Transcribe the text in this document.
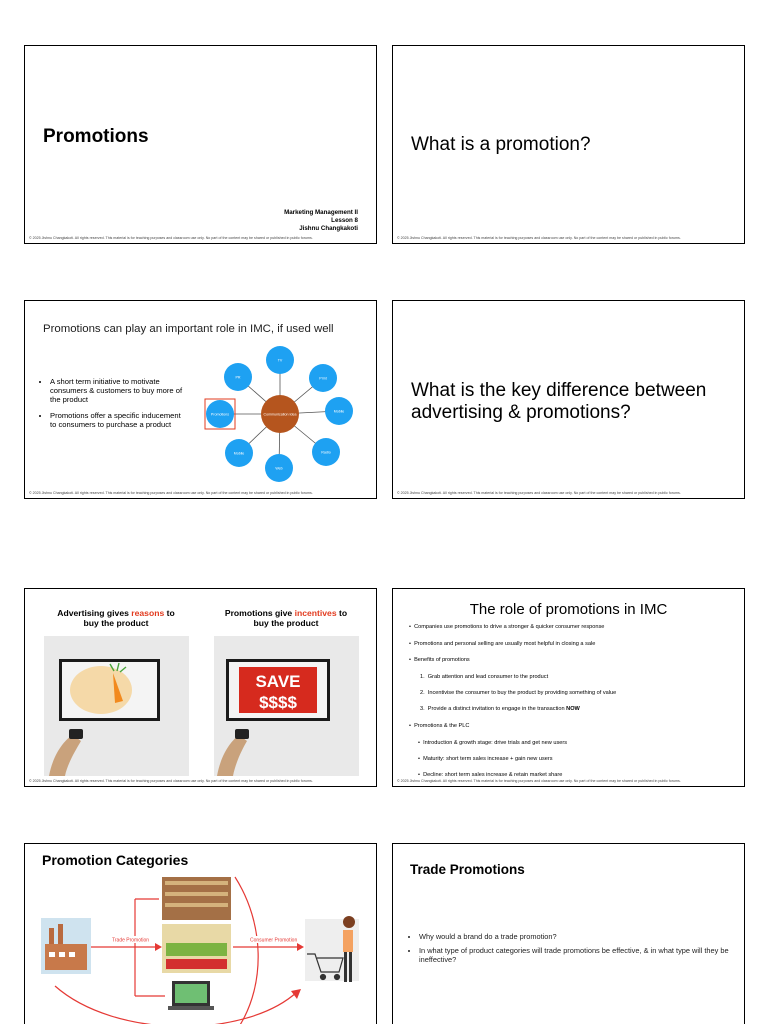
Promotions
Marketing Management II
Lesson 8
Jishnu Changkakoti
© 2025 Jishnu Changkakoti. All rights reserved. This material is for teaching purposes and classroom use only. No part of the content may be shared or published in public forums.
What is a promotion?
© 2025 Jishnu Changkakoti. All rights reserved. This material is for teaching purposes and classroom use only. No part of the content may be shared or published in public forums.
Promotions can play an important role in IMC, if used well
• A short term initiative to motivate consumers & customers to buy more of the product
• Promotions offer a specific inducement to consumers to purchase a product
TV
Print
Mobile
Radio
Web
Mobile
Promotions
PR
Communication Idea
© 2025 Jishnu Changkakoti. All rights reserved. This material is for teaching purposes and classroom use only. No part of the content may be shared or published in public forums.
What is the key difference between
advertising & promotions?
© 2025 Jishnu Changkakoti. All rights reserved. This material is for teaching purposes and classroom use only. No part of the content may be shared or published in public forums.
Advertising gives reasons to
buy the product
Promotions give incentives to
buy the product
SAVE
$$$$
© 2025 Jishnu Changkakoti. All rights reserved. This material is for teaching purposes and classroom use only. No part of the content may be shared or published in public forums.
The role of promotions in IMC
• Companies use promotions to drive a stronger & quicker consumer response
• Promotions and personal selling are usually most helpful in closing a sale
• Benefits of promotions
1. Grab attention and lead consumer to the product
2. Incentivise the consumer to buy the product by providing something of value
3. Provide a distinct invitation to engage in the transaction NOW
• Promotions & the PLC
• Introduction & growth stage: drive trials and get new users
• Maturity: short term sales increase + gain new users
• Decline: short term sales increase & retain market share
© 2025 Jishnu Changkakoti. All rights reserved. This material is for teaching purposes and classroom use only. No part of the content may be shared or published in public forums.
Promotion Categories
Trade Promotion	Consumer Promotion
Trade Promotions
• Why would a brand do a trade promotion?
• In what type of product categories will trade promotions be effective, & in what type will they be ineffective?
